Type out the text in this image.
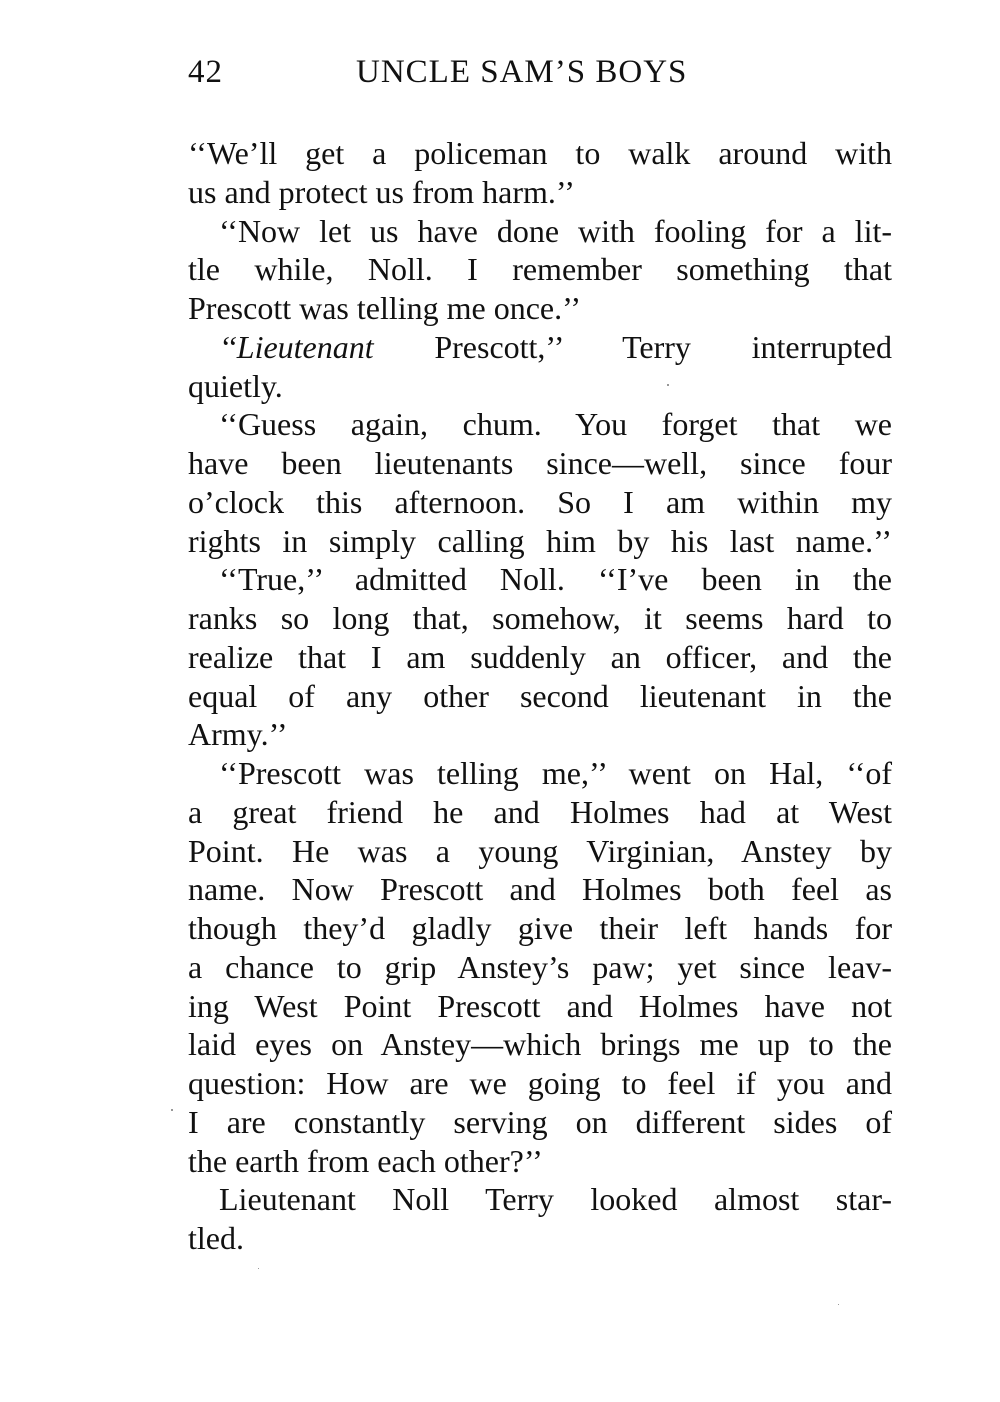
42	UNCLE SAM’S BOYS
‘‘We’ll get a policeman to walk around with
us and protect us from harm.’’
‘‘Now let us have done with fooling for a lit-
tle while, Noll. I remember something that
Prescott was telling me once.’’
‘‘Lieutenant Prescott,’’ Terry interrupted
quietly.
‘‘Guess again, chum. You forget that we
have been lieutenants since—well, since four
o’clock this afternoon. So I am within my
rights in simply calling him by his last name.’’
‘‘True,’’ admitted Noll. ‘‘I’ve been in the
ranks so long that, somehow, it seems hard to
realize that I am suddenly an officer, and the
equal of any other second lieutenant in the
Army.’’
‘‘Prescott was telling me,’’ went on Hal, ‘‘of
a great friend he and Holmes had at West
Point. He was a young Virginian, Anstey by
name. Now Prescott and Holmes both feel as
though they’d gladly give their left hands for
a chance to grip Anstey’s paw; yet since leav-
ing West Point Prescott and Holmes have not
laid eyes on Anstey—which brings me up to the
question: How are we going to feel if you and
I are constantly serving on different sides of
the earth from each other?’’
Lieutenant Noll Terry looked almost star-
tled.
